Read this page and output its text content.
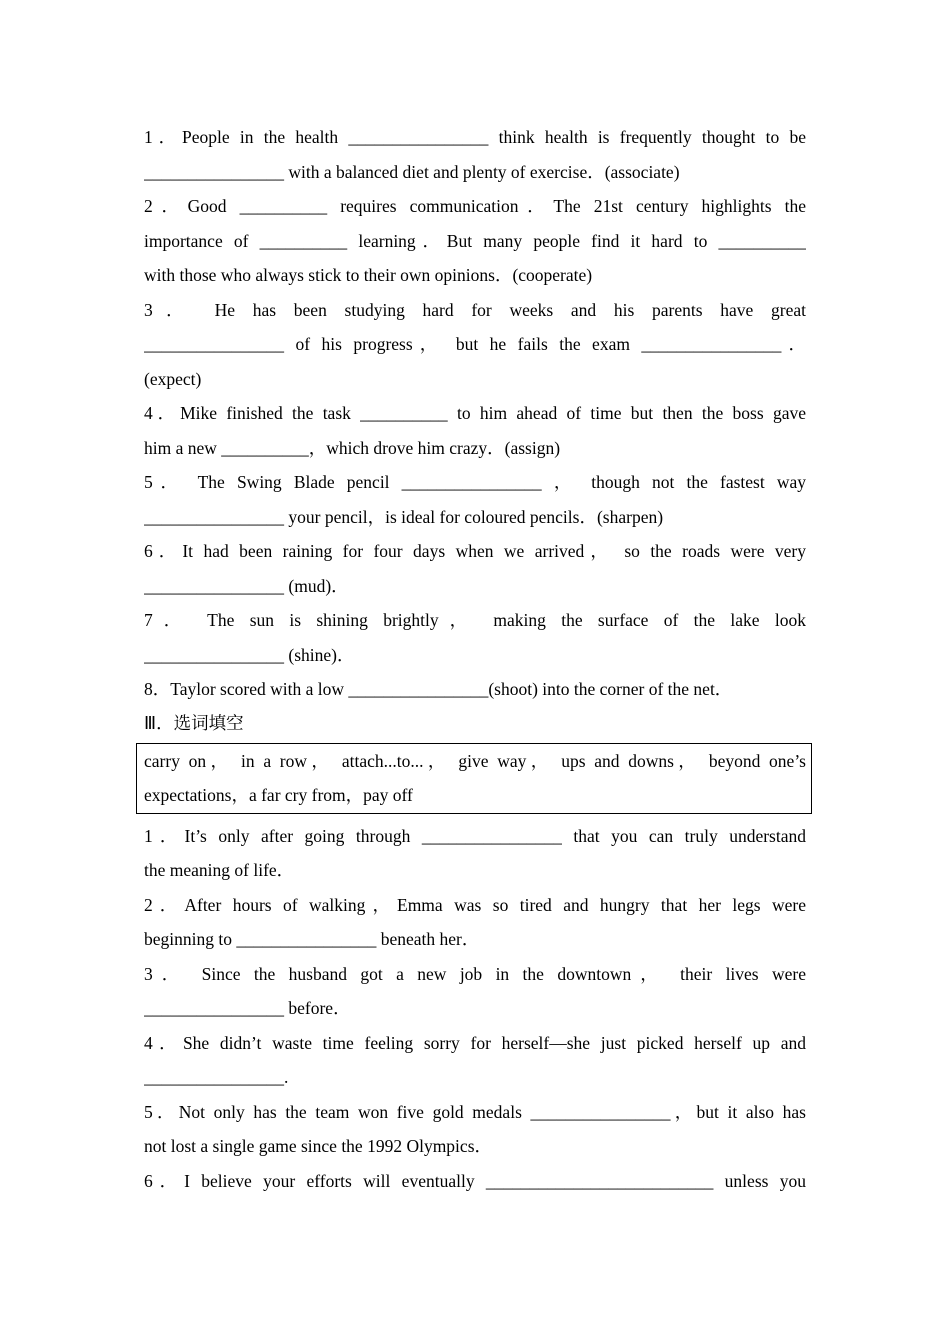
1．People in the health ________________ think health is frequently thought to be
________________ with a balanced diet and plenty of exercise．(associate)
2．Good __________ requires communication．The 21st century highlights the
importance of __________ learning．But many people find it hard to __________
with those who always stick to their own opinions．(cooperate)
3． He has been studying hard for weeks and his parents have great
________________ of his progress， but he fails the exam ________________．
(expect)
4．Mike finished the task __________ to him ahead of time but then the boss gave
him a new __________，which drove him crazy．(assign)
5． The Swing Blade pencil ________________ ， though not the fastest way
________________ your pencil，is ideal for coloured pencils．(sharpen)
6．It had been raining for four days when we arrived， so the roads were very
________________ (mud)．
7． The sun is shining brightly， making the surface of the lake look
________________ (shine)．
8．Taylor scored with a low ________________(shoot) into the corner of the net．
Ⅲ．选词填空
carry on， in a row， attach...to...， give way， ups and downs， beyond one’s
expectations，a far cry from，pay off
1．It’s only after going through ________________ that you can truly understand
the meaning of life．
2．After hours of walking，Emma was so tired and hungry that her legs were
beginning to ________________ beneath her．
3． Since the husband got a new job in the downtown， their lives were
________________ before．
4．She didn’t waste time feeling sorry for herself—she just picked herself up and
________________.
5．Not only has the team won five gold medals ________________，but it also has
not lost a single game since the 1992 Olympics．
6．I believe your efforts will eventually __________________________ unless you
